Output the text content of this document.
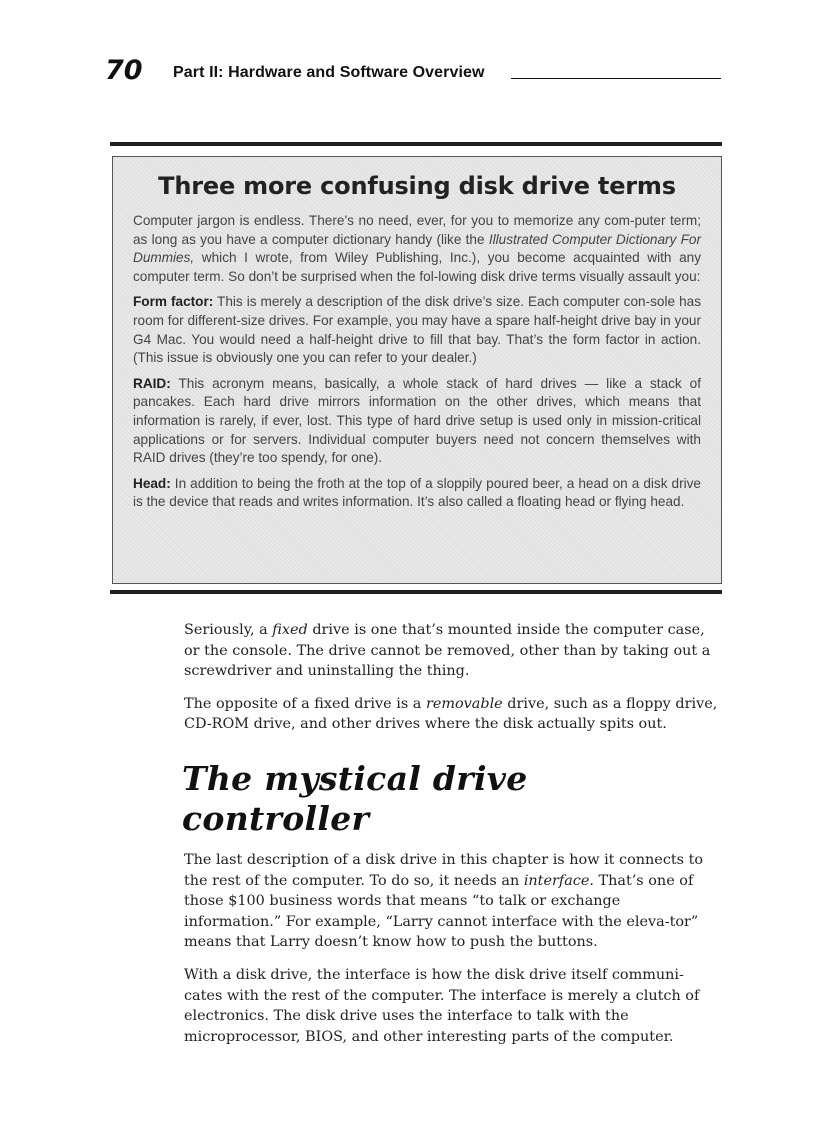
70 Part II: Hardware and Software Overview
Three more confusing disk drive terms

Computer jargon is endless. There’s no need, ever, for you to memorize any com-puter term; as long as you have a computer dictionary handy (like the Illustrated Computer Dictionary For Dummies, which I wrote, from Wiley Publishing, Inc.), you become acquainted with any computer term. So don’t be surprised when the fol-lowing disk drive terms visually assault you:

Form factor: This is merely a description of the disk drive’s size. Each computer con-sole has room for different-size drives. For example, you may have a spare half-height drive bay in your G4 Mac. You would need a half-height drive to fill that bay. That’s the form factor in action. (This issue is obviously one you can refer to your dealer.)

RAID: This acronym means, basically, a whole stack of hard drives — like a stack of pancakes. Each hard drive mirrors information on the other drives, which means that information is rarely, if ever, lost. This type of hard drive setup is used only in mission-critical applications or for servers. Individual computer buyers need not concern themselves with RAID drives (they’re too spendy, for one).

Head: In addition to being the froth at the top of a sloppily poured beer, a head on a disk drive is the device that reads and writes information. It’s also called a floating head or flying head.

Seriously, a fixed drive is one that’s mounted inside the computer case, or the console. The drive cannot be removed, other than by taking out a screwdriver and uninstalling the thing.

The opposite of a fixed drive is a removable drive, such as a floppy drive, CD-ROM drive, and other drives where the disk actually spits out.

The mystical drive controller

The last description of a disk drive in this chapter is how it connects to the rest of the computer. To do so, it needs an interface. That’s one of those $100 business words that means “to talk or exchange information.” For example, “Larry cannot interface with the eleva-tor” means that Larry doesn’t know how to push the buttons.

With a disk drive, the interface is how the disk drive itself communi-cates with the rest of the computer. The interface is merely a clutch of electronics. The disk drive uses the interface to talk with the microprocessor, BIOS, and other interesting parts of the computer.
